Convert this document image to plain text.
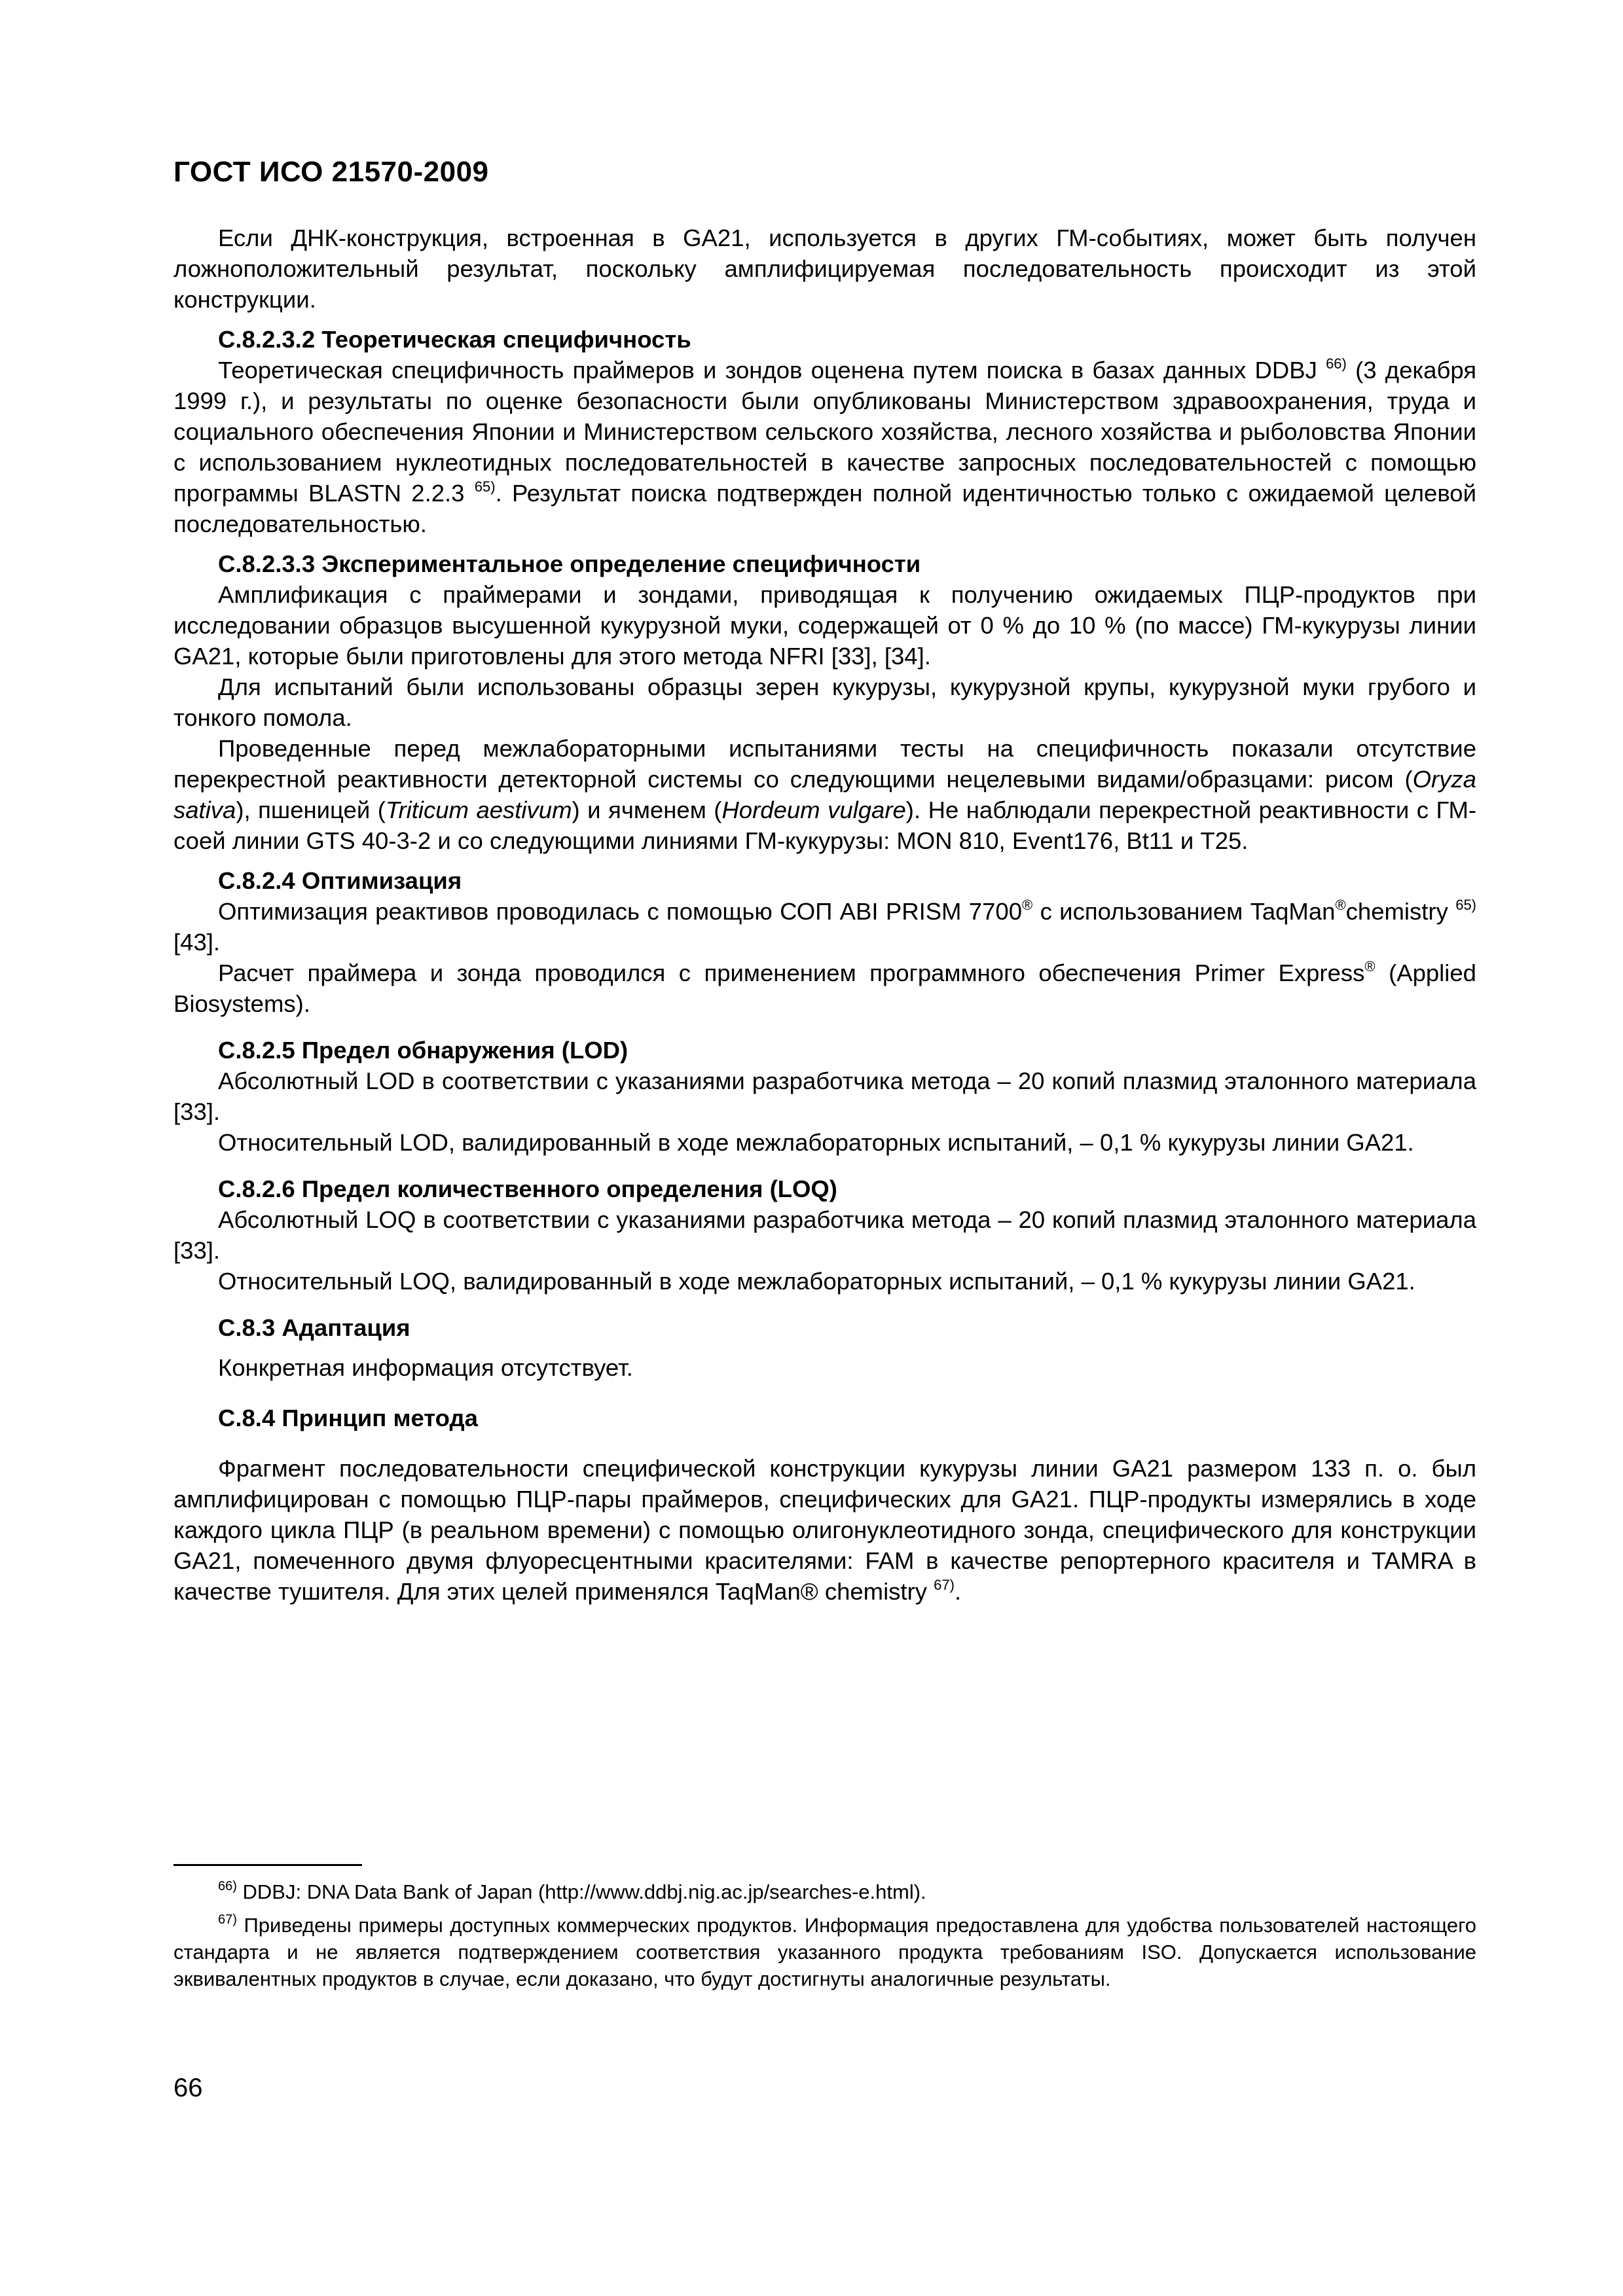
ГОСТ ИСО 21570-2009

Если ДНК-конструкция, встроенная в GA21, используется в других ГМ-событиях, может быть получен ложноположительный результат, поскольку амплифицируемая последовательность происходит из этой конструкции.

С.8.2.3.2 Теоретическая специфичность

Теоретическая специфичность праймеров и зондов оценена путем поиска в базах данных DDBJ $^{66)}$ (3 декабря 1999 г.), и результаты по оценке безопасности были опубликованы Министерством здравоохранения, труда и социального обеспечения Японии и Министерством сельского хозяйства, лесного хозяйства и рыболовства Японии с использованием нуклеотидных последовательностей в качестве запросных последовательностей с помощью программы BLASTN 2.2.3 $^{65)}$. Результат поиска подтвержден полной идентичностью только с ожидаемой целевой последовательностью.

С.8.2.3.3 Экспериментальное определение специфичности

Амплификация с праймерами и зондами, приводящая к получению ожидаемых ПЦР-продуктов при исследовании образцов высушенной кукурузной муки, содержащей от 0 % до 10 % (по массе) ГМ-кукурузы линии GA21, которые были приготовлены для этого метода NFRI [33], [34].

Для испытаний были использованы образцы зерен кукурузы, кукурузной крупы, кукурузной муки грубого и тонкого помола.

Проведенные перед межлабораторными испытаниями тесты на специфичность показали отсутствие перекрестной реактивности детекторной системы со следующими нецелевыми видами/образцами: рисом (Oryza sativa), пшеницей (Triticum aestivum) и ячменем (Hordeum vulgare). Не наблюдали перекрестной реактивности с ГМ-соей линии GTS 40-3-2 и со следующими линиями ГМ-кукурузы: MON 810, Event176, Bt11 и T25.

С.8.2.4 Оптимизация

Оптимизация реактивов проводилась с помощью СОП ABI PRISM 7700® с использованием TaqMan®chemistry $^{65)}$ [43].

Расчет праймера и зонда проводился с применением программного обеспечения Primer Express® (Applied Biosystems).

С.8.2.5 Предел обнаружения (LOD)

Абсолютный LOD в соответствии с указаниями разработчика метода – 20 копий плазмид эталонного материала [33].

Относительный LOD, валидированный в ходе межлабораторных испытаний, – 0,1 % кукурузы линии GA21.

С.8.2.6 Предел количественного определения (LOQ)

Абсолютный LOQ в соответствии с указаниями разработчика метода – 20 копий плазмид эталонного материала [33].

Относительный LOQ, валидированный в ходе межлабораторных испытаний, – 0,1 % кукурузы линии GA21.

С.8.3 Адаптация

Конкретная информация отсутствует.

С.8.4 Принцип метода

Фрагмент последовательности специфической конструкции кукурузы линии GA21 размером 133 п. о. был амплифицирован с помощью ПЦР-пары праймеров, специфических для GA21. ПЦР-продукты измерялись в ходе каждого цикла ПЦР (в реальном времени) с помощью олигонуклеотидного зонда, специфического для конструкции GA21, помеченного двумя флуоресцентными красителями: FAM в качестве репортерного красителя и TAMRA в качестве тушителя. Для этих целей применялся TaqMan® chemistry $^{67)}$.

$^{66)}$ DDBJ: DNA Data Bank of Japan (http://www.ddbj.nig.ac.jp/searches-e.html).

$^{67)}$ Приведены примеры доступных коммерческих продуктов. Информация предоставлена для удобства пользователей настоящего стандарта и не является подтверждением соответствия указанного продукта требованиям ISO. Допускается использование эквивалентных продуктов в случае, если доказано, что будут достигнуты аналогичные результаты.

66
